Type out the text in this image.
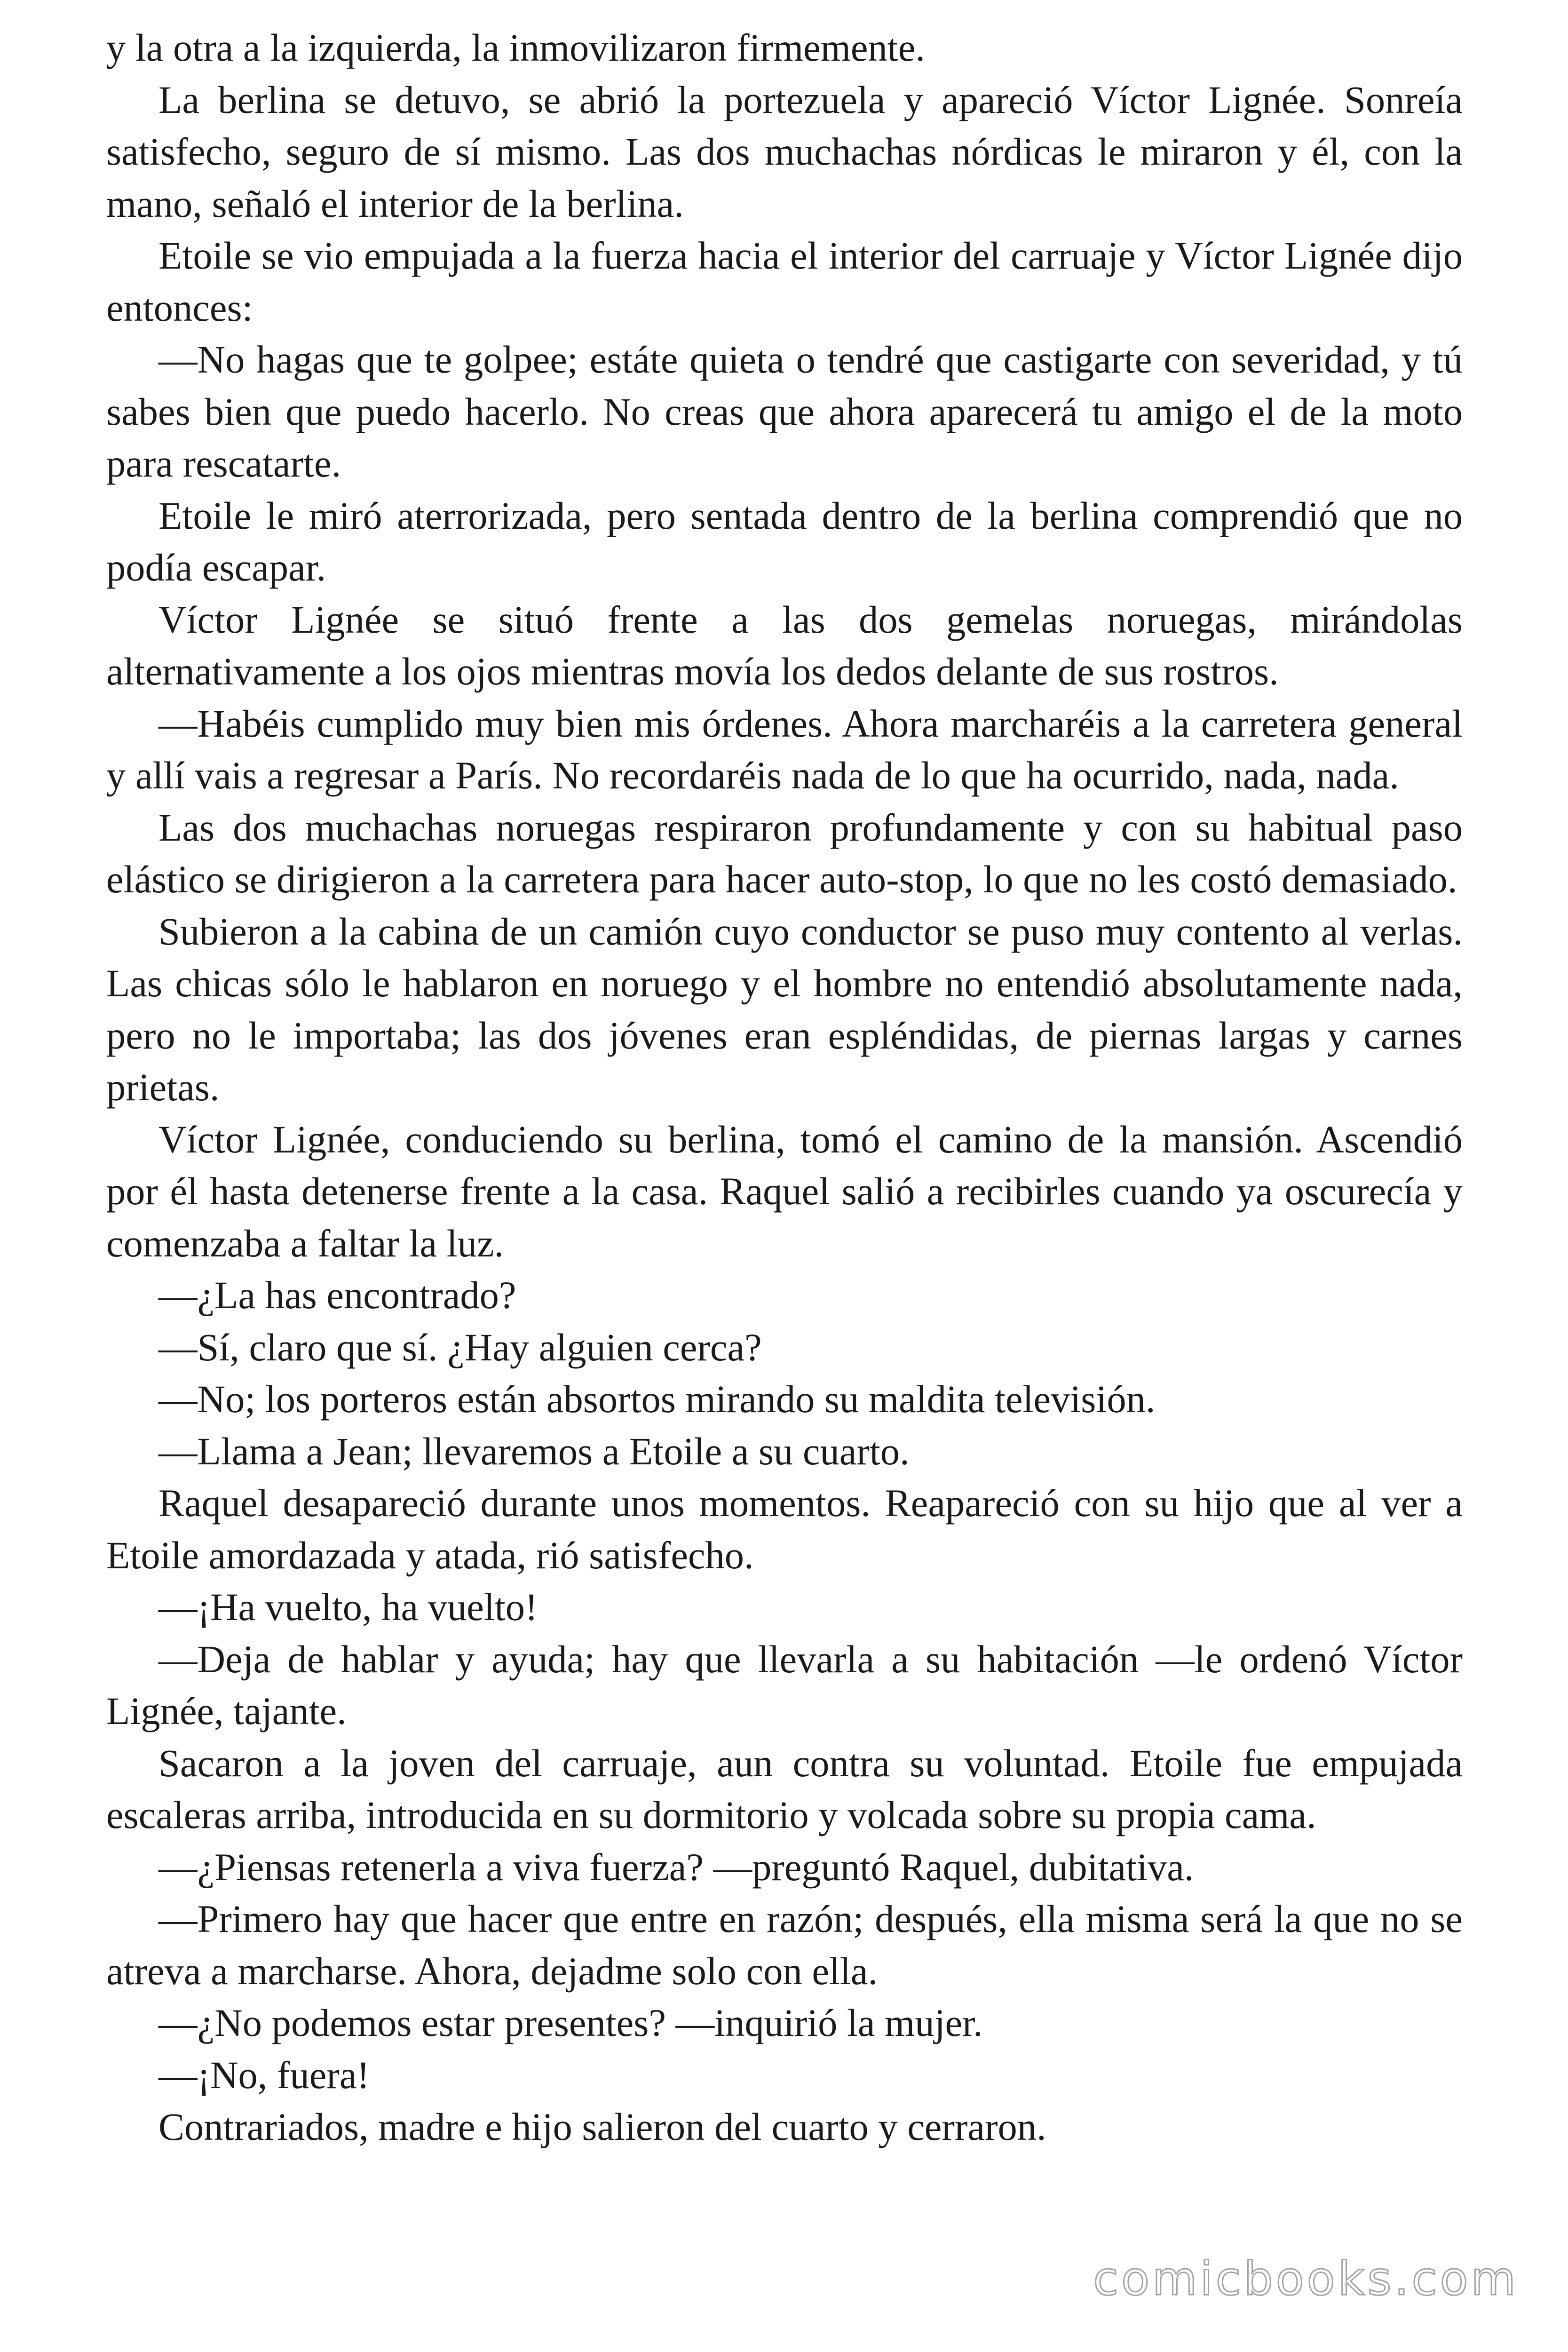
y la otra a la izquierda, la inmovilizaron firmemente.

La berlina se detuvo, se abrió la portezuela y apareció Víctor Lignée. Sonreía satisfecho, seguro de sí mismo. Las dos muchachas nórdicas le miraron y él, con la mano, señaló el interior de la berlina.

Etoile se vio empujada a la fuerza hacia el interior del carruaje y Víctor Lignée dijo entonces:

—No hagas que te golpee; estáte quieta o tendré que castigarte con severidad, y tú sabes bien que puedo hacerlo. No creas que ahora aparecerá tu amigo el de la moto para rescatarte.

Etoile le miró aterrorizada, pero sentada dentro de la berlina comprendió que no podía escapar.

Víctor Lignée se situó frente a las dos gemelas noruegas, mirándolas alternativamente a los ojos mientras movía los dedos delante de sus rostros.

—Habéis cumplido muy bien mis órdenes. Ahora marcharéis a la carretera general y allí vais a regresar a París. No recordaréis nada de lo que ha ocurrido, nada, nada.

Las dos muchachas noruegas respiraron profundamente y con su habitual paso elástico se dirigieron a la carretera para hacer auto-stop, lo que no les costó demasiado.

Subieron a la cabina de un camión cuyo conductor se puso muy contento al verlas. Las chicas sólo le hablaron en noruego y el hombre no entendió absolutamente nada, pero no le importaba; las dos jóvenes eran espléndidas, de piernas largas y carnes prietas.

Víctor Lignée, conduciendo su berlina, tomó el camino de la mansión. Ascendió por él hasta detenerse frente a la casa. Raquel salió a recibirles cuando ya oscurecía y comenzaba a faltar la luz.

—¿La has encontrado?

—Sí, claro que sí. ¿Hay alguien cerca?

—No; los porteros están absortos mirando su maldita televisión.

—Llama a Jean; llevaremos a Etoile a su cuarto.

Raquel desapareció durante unos momentos. Reapareció con su hijo que al ver a Etoile amordazada y atada, rió satisfecho.

—¡Ha vuelto, ha vuelto!

—Deja de hablar y ayuda; hay que llevarla a su habitación —le ordenó Víctor Lignée, tajante.

Sacaron a la joven del carruaje, aun contra su voluntad. Etoile fue empujada escaleras arriba, introducida en su dormitorio y volcada sobre su propia cama.

—¿Piensas retenerla a viva fuerza? —preguntó Raquel, dubitativa.

—Primero hay que hacer que entre en razón; después, ella misma será la que no se atreva a marcharse. Ahora, dejadme solo con ella.

—¿No podemos estar presentes? —inquirió la mujer.

—¡No, fuera!

Contrariados, madre e hijo salieron del cuarto y cerraron.

comicbooks.com
